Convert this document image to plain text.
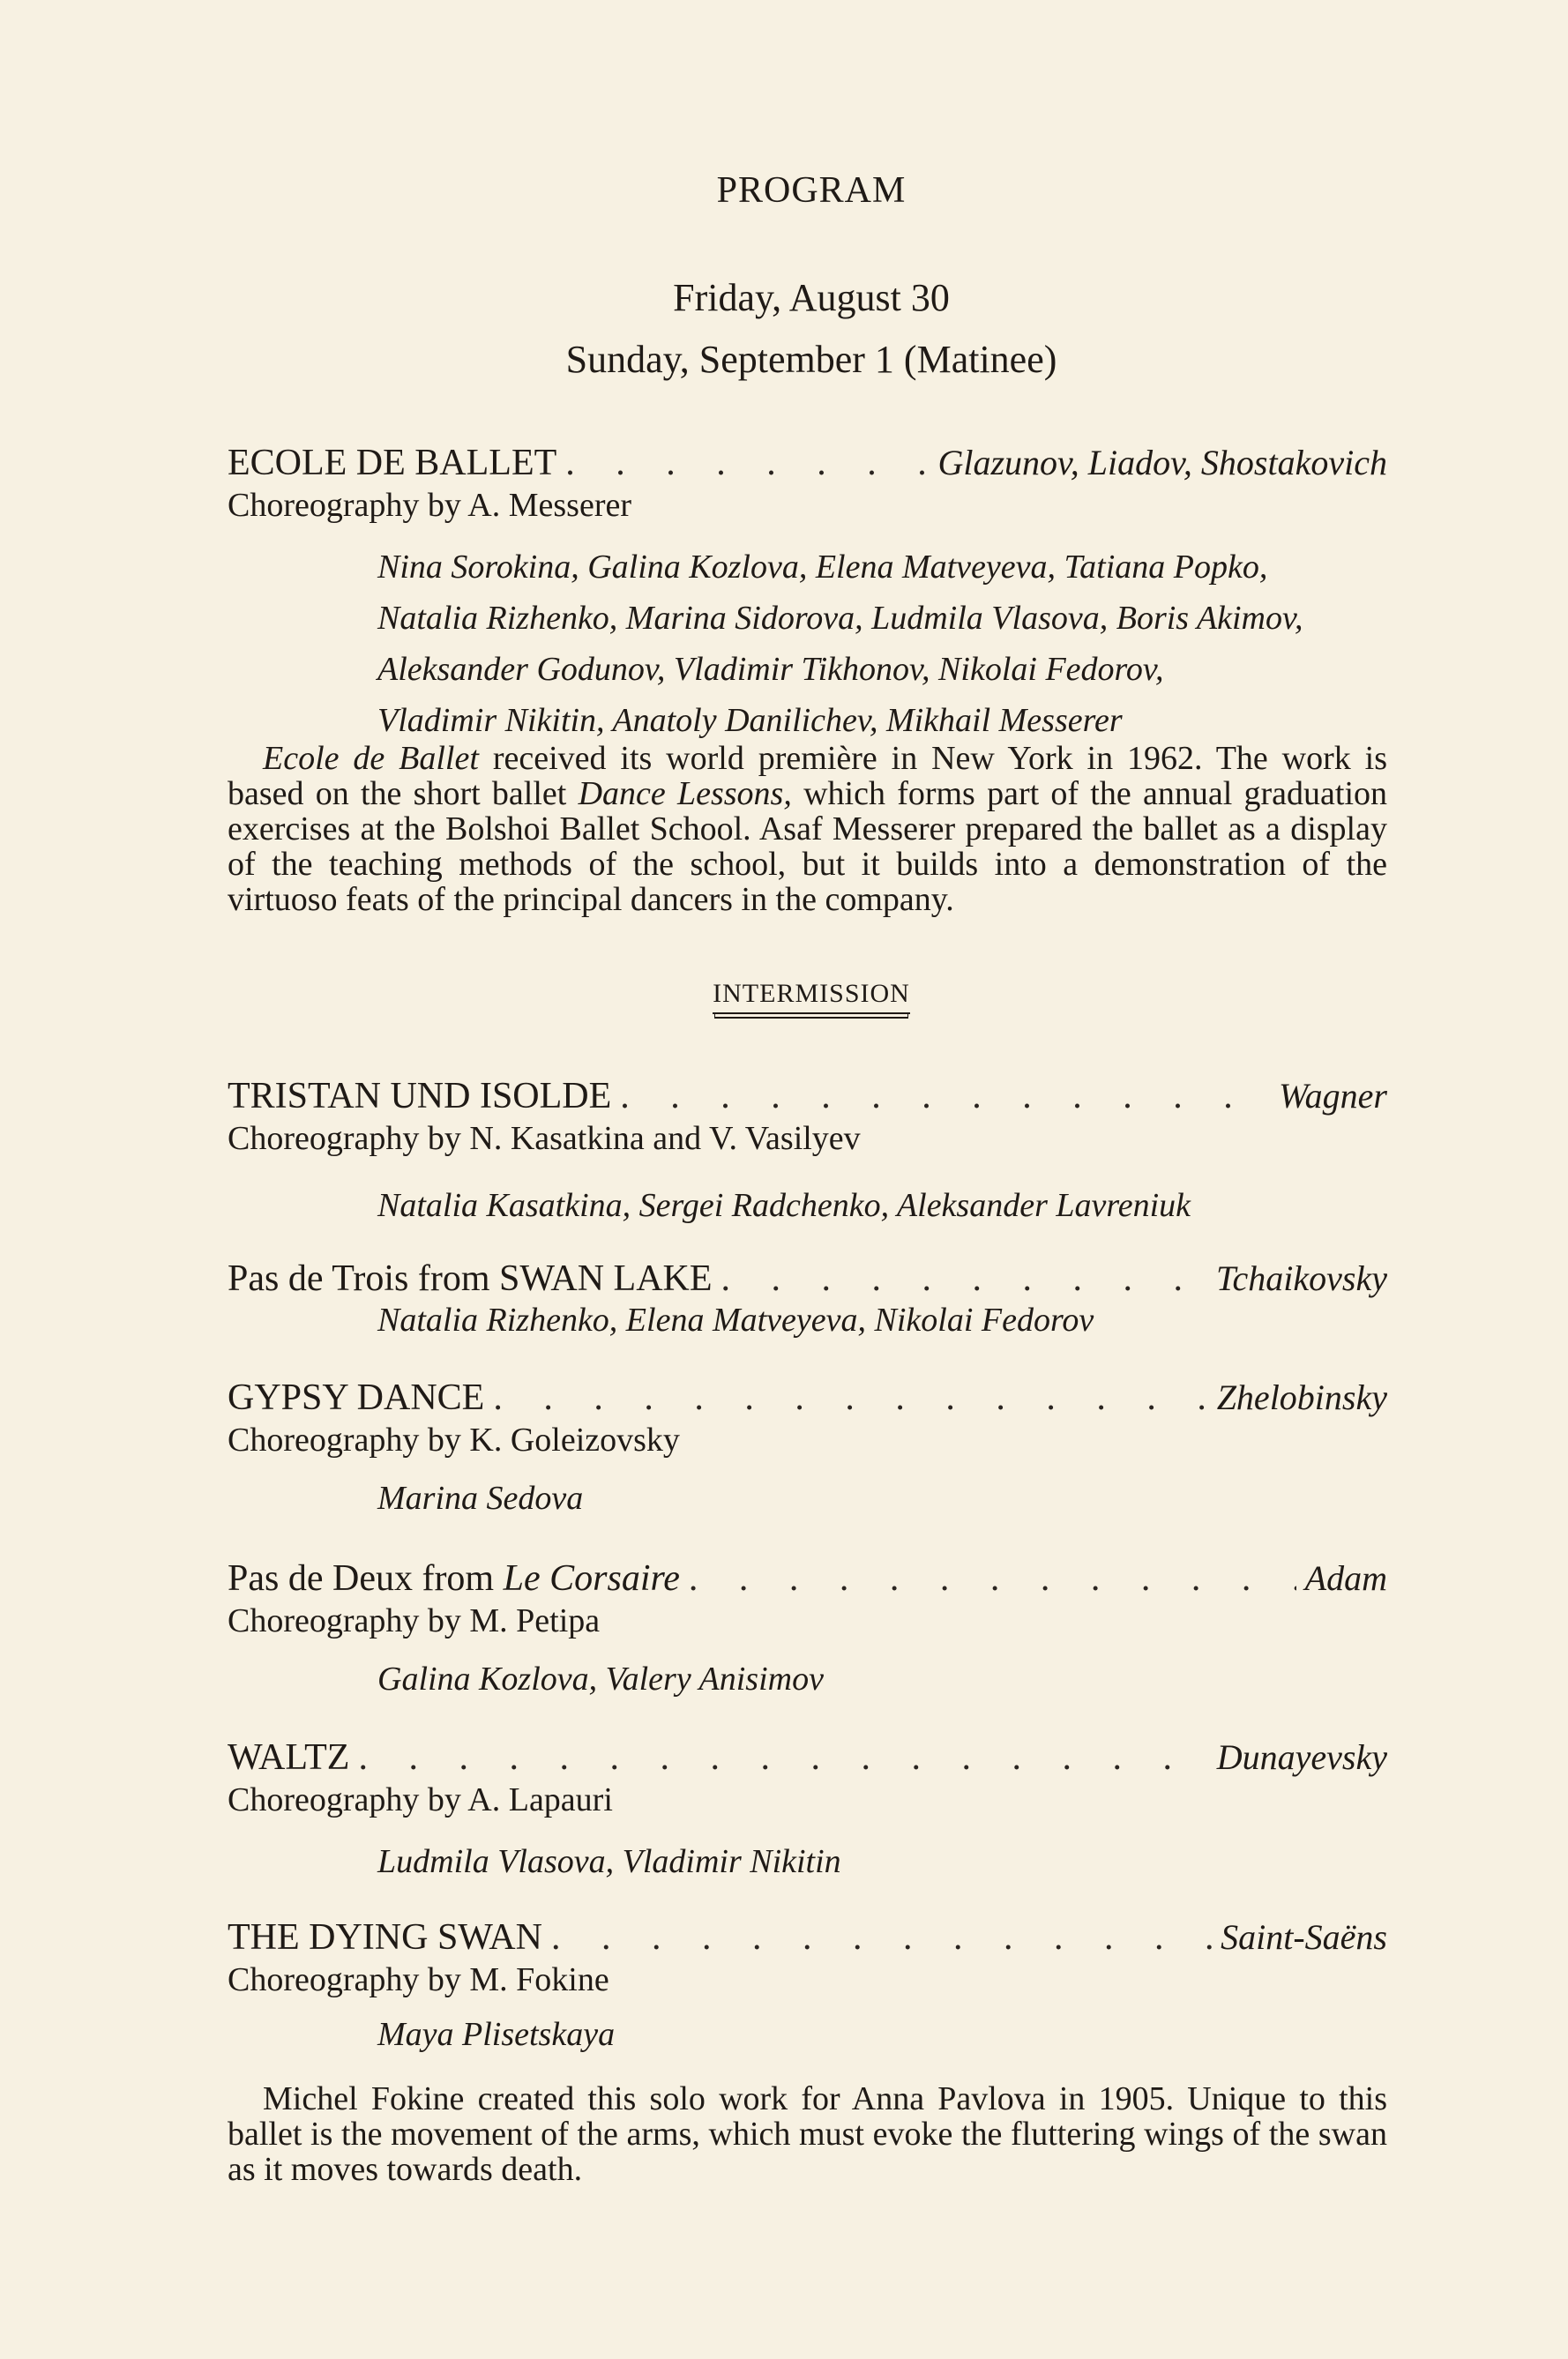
PROGRAM
Friday, August 30
Sunday, September 1 (Matinee)
ECOLE DE BALLET . . .	Glazunov, Liadov, Shostakovich
Choreography by A. Messerer
Nina Sorokina, Galina Kozlova, Elena Matveyeva, Tatiana Popko,
Natalia Rizhenko, Marina Sidorova, Ludmila Vlasova, Boris Akimov,
Aleksander Godunov, Vladimir Tikhonov, Nikolai Fedorov,
Vladimir Nikitin, Anatoly Danilichev, Mikhail Messerer
Ecole de Ballet received its world première in New York in 1962. The work is based on the short ballet Dance Lessons, which forms part of the annual graduation exercises at the Bolshoi Ballet School. Asaf Messerer prepared the ballet as a display of the teaching methods of the school, but it builds into a demonstration of the virtuoso feats of the principal dancers in the company.
INTERMISSION
TRISTAN UND ISOLDE . . .	Wagner
Choreography by N. Kasatkina and V. Vasilyev
Natalia Kasatkina, Sergei Radchenko, Aleksander Lavreniuk
Pas de Trois from SWAN LAKE . . .	Tchaikovsky
Natalia Rizhenko, Elena Matveyeva, Nikolai Fedorov
GYPSY DANCE . . .	Zhelobinsky
Choreography by K. Goleizovsky
Marina Sedova
Pas de Deux from Le Corsaire . . .	Adam
Choreography by M. Petipa
Galina Kozlova, Valery Anisimov
WALTZ . . .	Dunayevsky
Choreography by A. Lapauri
Ludmila Vlasova, Vladimir Nikitin
THE DYING SWAN . . .	Saint-Saëns
Choreography by M. Fokine
Maya Plisetskaya
Michel Fokine created this solo work for Anna Pavlova in 1905. Unique to this ballet is the movement of the arms, which must evoke the fluttering wings of the swan as it moves towards death.
